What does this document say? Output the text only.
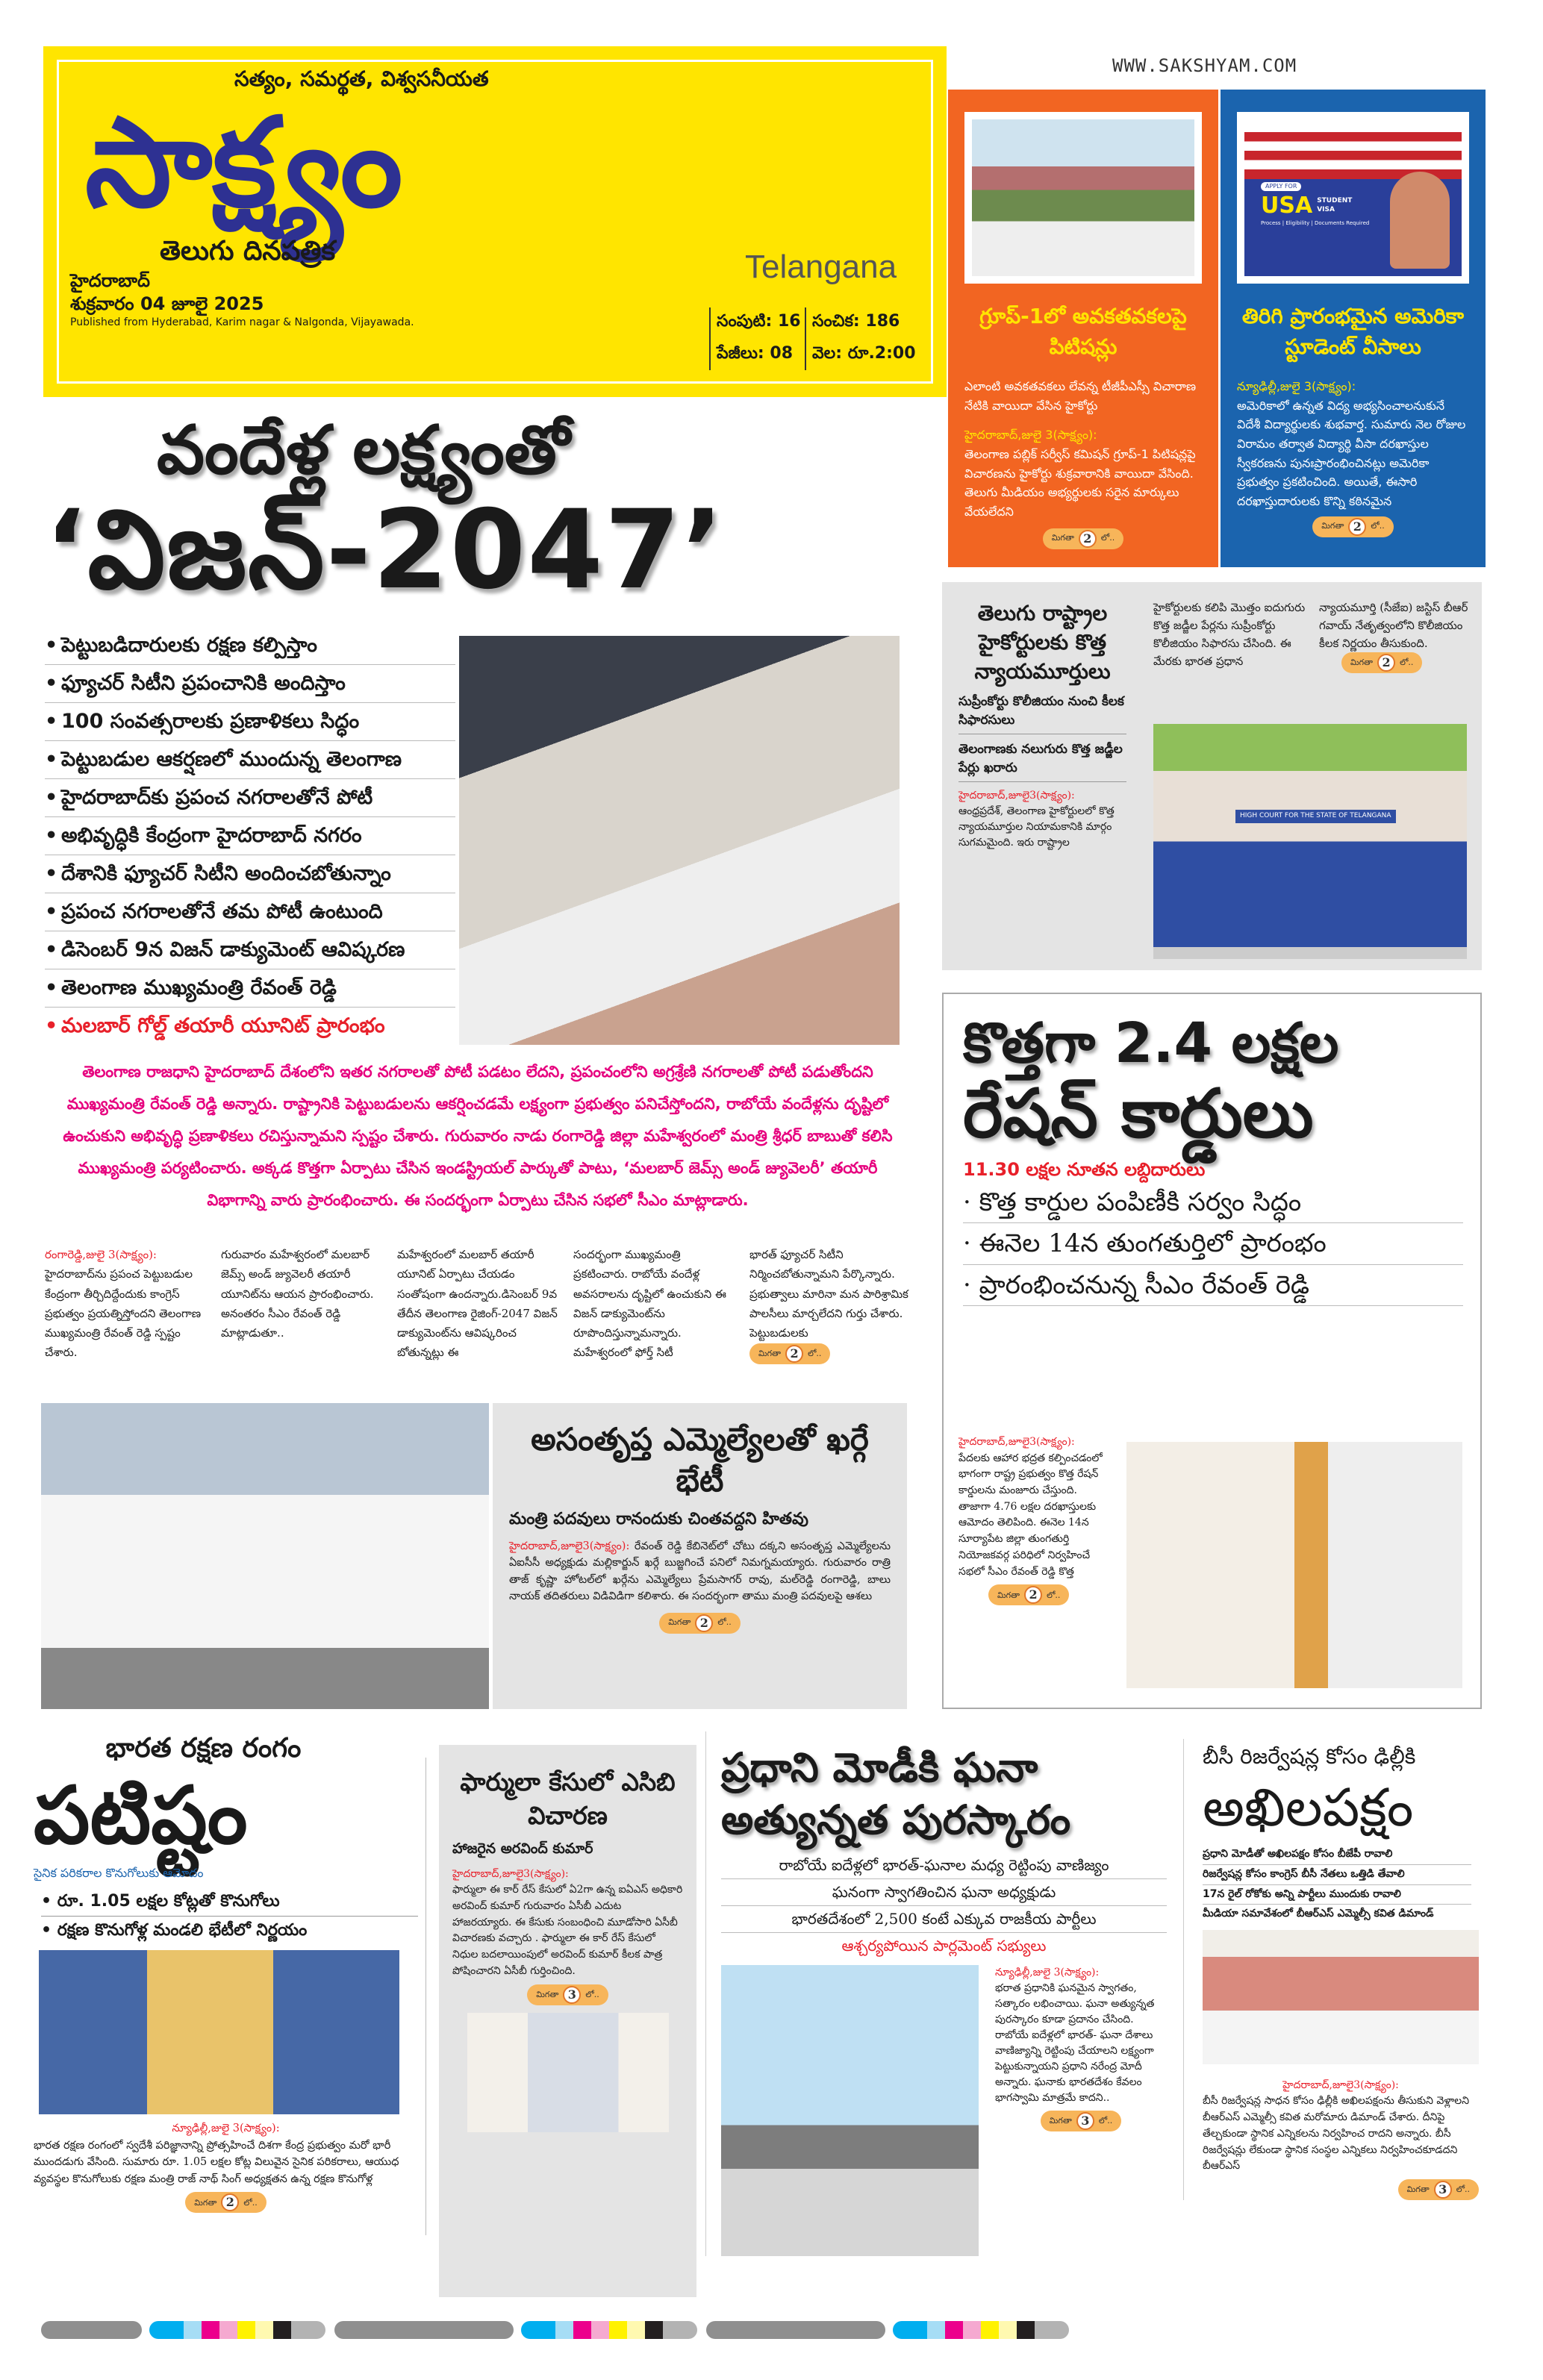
సత్యం, సమర్థత, విశ్వసనీయత
సాక్ష్యం
తెలుగు దినపత్రిక
హైదరాబాద్
శుక్రవారం 04 జూలై 2025
Published from Hyderabad, Karim nagar & Nalgonda, Vijayawada.
Telangana
సంపుటి: 16 సంచిక: 186
పేజీలు: 08 వెల: రూ.2:00
WWW.SAKSHYAM.COM
గ్రూప్-1లో అవకతవకలపై పిటిషన్లు

ఎలాంటి అవకతవకలు లేవన్న టీజీపీఎస్సీ విచారాణ నేటికి వాయిదా వేసిన హైకోర్టు

హైదరాబాద్,జులై 3(సాక్ష్యం):

తెలంగాణ పబ్లిక్ సర్వీస్ కమిషన్ గ్రూప్-1 పిటిషన్లపై విచారణను హైకోర్టు శుక్రవారానికి వాయిదా వేసింది. తెలుగు మీడియం అభ్యర్థులకు సరైన మార్కులు వేయలేదని

మిగతా 2	లో..
APPLY FOR
USA STUDENT VISA
Process | Eligibility | Documents Required
తిరిగి ప్రారంభమైన అమెరికా స్టూడెంట్ వీసాలు

న్యూఢిల్లీ,జులై 3(సాక్ష్యం):

అమెరికాలో ఉన్నత విద్య అభ్యసించాలనుకునే విదేశీ విద్యార్థులకు శుభవార్త. సుమారు నెల రోజుల విరామం తర్వాత విద్యార్థి వీసా దరఖాస్తుల స్వీకరణను పునఃప్రారంభించినట్లు అమెరికా ప్రభుత్వం ప్రకటించింది. అయితే, ఈసారి దరఖాస్తుదారులకు కొన్ని కఠినమైన

మిగతా 2	లో..
వందేళ్ల లక్ష్యంతో
‘విజన్-2047’
• పెట్టుబడిదారులకు రక్షణ కల్పిస్తాం
• ఫ్యూచర్ సిటీని ప్రపంచానికి అందిస్తాం
• 100 సంవత్సరాలకు ప్రణాళికలు సిద్ధం
• పెట్టుబడుల ఆకర్షణలో ముందున్న తెలంగాణ
• హైదరాబాద్‌కు ప్రపంచ నగరాలతోనే పోటీ
• అభివృద్ధికి కేంద్రంగా హైదరాబాద్ నగరం
• దేశానికి ఫ్యూచర్ సిటీని అందించబోతున్నాం
• ప్రపంచ నగరాలతోనే తమ పోటీ ఉంటుంది
• డిసెంబర్ 9న విజన్ డాక్యుమెంట్ ఆవిష్కరణ
• తెలంగాణ ముఖ్యమంత్రి రేవంత్ రెడ్డి
• మలబార్ గోల్డ్ తయారీ యూనిట్ ప్రారంభం

తెలంగాణ రాజధాని హైదరాబాద్ దేశంలోని ఇతర నగరాలతో పోటీ పడటం లేదని, ప్రపంచంలోని అగ్రశ్రేణి నగరాలతో పోటీ పడుతోందని ముఖ్యమంత్రి రేవంత్ రెడ్డి అన్నారు. రాష్ట్రానికి పెట్టుబడులను ఆకర్షించడమే లక్ష్యంగా ప్రభుత్వం పనిచేస్తోందని, రాబోయే వందేళ్లను దృష్టిలో ఉంచుకుని అభివృద్ధి ప్రణాళికలు రచిస్తున్నామని స్పష్టం చేశారు. గురువారం నాడు రంగారెడ్డి జిల్లా మహేశ్వరంలో మంత్రి శ్రీధర్ బాబుతో కలిసి ముఖ్యమంత్రి పర్యటించారు. అక్కడ కొత్తగా ఏర్పాటు చేసిన ఇండస్ట్రియల్ పార్కుతో పాటు, ‘మలబార్ జెమ్స్ అండ్ జ్యువెలరీ’ తయారీ విభాగాన్ని వారు ప్రారంభించారు. ఈ సందర్భంగా ఏర్పాటు చేసిన సభలో సీఎం మాట్లాడారు.

రంగారెడ్డి,జులై 3(సాక్ష్యం):
హైదరాబాద్‌ను ప్రపంచ పెట్టుబడుల కేంద్రంగా తీర్చిదిద్దేందుకు కాంగ్రెస్ ప్రభుత్వం ప్రయత్నిస్తోందని తెలంగాణ ముఖ్యమంత్రి రేవంత్ రెడ్డి స్పష్టం చేశారు.
గురువారం మహేశ్వరంలో మలబార్ జెమ్స్ అండ్ జ్యువెలరీ తయారీ యూనిట్‌ను ఆయన ప్రారంభించారు. అనంతరం సీఎం రేవంత్ రెడ్డి మాట్లాడుతూ..
మహేశ్వరంలో మలబార్ తయారీ యూనిట్ ఏర్పాటు చేయడం సంతోషంగా ఉందన్నారు.డిసెంబర్ 9వ తేదీన తెలంగాణ రైజింగ్-2047 విజన్ డాక్యుమెంట్‌ను ఆవిష్కరించ బోతున్నట్లు ఈ
సందర్భంగా ముఖ్యమంత్రి ప్రకటించారు. రాబోయే వందేళ్ల అవసరాలను దృష్టిలో ఉంచుకుని ఈ విజన్ డాక్యుమెంట్‌ను రూపొందిస్తున్నామన్నారు. మహేశ్వరంలో ఫోర్త్ సిటీ
భారత్ ఫ్యూచర్ సిటీని నిర్మించబోతున్నామని పేర్కొన్నారు. ప్రభుత్వాలు మారినా మన పారిశ్రామిక పాలసీలు మార్చలేదని గుర్తు చేశారు. పెట్టుబడులకు

మిగతా 2	లో..
తెలుగు రాష్ట్రాల హైకోర్టులకు కొత్త న్యాయమూర్తులు
సుప్రీంకోర్టు కొలీజియం నుంచి కీలక సిఫారసులు
తెలంగాణకు నలుగురు కొత్త జడ్జీల పేర్లు ఖరారు
హైదరాబాద్,జూలై3(సాక్ష్యం):
ఆంధ్రప్రదేశ్, తెలంగాణ హైకోర్టులలో కొత్త న్యాయమూర్తుల నియామకానికి మార్గం సుగమమైంది. ఇరు రాష్ట్రాల
హైకోర్టులకు కలిపి మొత్తం ఐదుగురు కొత్త జడ్జీల పేర్లను సుప్రీంకోర్టు కొలీజియం సిఫారసు చేసింది. ఈ మేరకు భారత ప్రధాన
న్యాయమూర్తి (సీజేఐ) జస్టిస్ బీఆర్ గవాయ్ నేతృత్వంలోని కొలీజియం కీలక నిర్ణయం తీసుకుంది.

మిగతా 2	లో..
HIGH COURT FOR THE STATE OF TELANGANA
కొత్తగా 2.4 లక్షల
రేషన్ కార్డులు
11.30 లక్షల నూతన లబ్దిదారులు
· కొత్త కార్డుల పంపిణీకి సర్వం సిద్ధం
· ఈనెల 14న తుంగతుర్తిలో ప్రారంభం
· ప్రారంభించనున్న సీఎం రేవంత్ రెడ్డి
హైదరాబాద్,జూలై3(సాక్ష్యం):
పేదలకు ఆహార భద్రత కల్పించడంలో భాగంగా రాష్ట్ర ప్రభుత్వం కొత్త రేషన్ కార్డులను మంజూరు చేస్తుంది. తాజాగా 4.76 లక్షల దరఖాస్తులకు ఆమోదం తెలిపింది. ఈనెల 14న సూర్యాపేట జిల్లా తుంగతుర్తి నియోజకవర్గ పరిధిలో నిర్వహించే సభలో సీఎం రేవంత్ రెడ్డి కొత్త

మిగతా 2	లో..
అసంతృప్త ఎమ్మెల్యేలతో ఖర్గే భేటీ
మంత్రి పదవులు రానందుకు చింతవద్దని హితవు
హైదరాబాద్,జూలై3(సాక్ష్యం): రేవంత్ రెడ్డి కేబినెట్‌లో చోటు దక్కని అసంతృప్త ఎమ్మెల్యేలను ఏఐసీసీ అధ్యక్షుడు మల్లికార్జున్ ఖర్గే బుజ్జగించే పనిలో నిమగ్నమయ్యారు. గురువారం రాత్రి తాజ్ కృష్ణా హోటల్‌లో ఖర్గేను ఎమ్మెల్యేలు ప్రేమసాగర్ రావు, మల్‌రెడ్డి రంగారెడ్డి, బాలు నాయక్ తదితరులు విడివిడిగా కలిశారు. ఈ సందర్భంగా తాము మంత్రి పదవులపై ఆశలు
మిగతా 2	లో..
భారత రక్షణ రంగం
పటిష్టం
సైనిక పరికరాల కొనుగోలుకు ఆమోదం
• రూ. 1.05 లక్షల కోట్లతో కొనుగోలు
• రక్షణ కొనుగోళ్ల మండలి భేటీలో నిర్ణయం
న్యూఢిల్లీ,జులై 3(సాక్ష్యం):
భారత రక్షణ రంగంలో స్వదేశీ పరిజ్ఞానాన్ని ప్రోత్సహించే దిశగా కేంద్ర ప్రభుత్వం మరో భారీ ముందడుగు వేసింది. సుమారు రూ. 1.05 లక్షల కోట్ల విలువైన సైనిక పరికరాలు, ఆయుధ వ్యవస్థల కొనుగోలుకు రక్షణ మంత్రి రాజ్ నాథ్ సింగ్ అధ్యక్షతన ఉన్న రక్షణ కొనుగోళ్ల
మిగతా 2	లో..
ఫార్ములా కేసులో ఎసిబి విచారణ
హాజరైన అరవింద్ కుమార్
హైదరాబాద్,జూలై3(సాక్ష్యం):
ఫార్ములా ఈ కార్ రేస్ కేసులో ఏ2గా ఉన్న ఐఏఎస్ అధికారి అరవింద్ కుమార్ గురువారం ఏసీబీ ఎదుట హాజరయ్యారు. ఈ కేసుకు సంబంధించి మూడోసారి ఏసీబీ విచారణకు వచ్చారు . ఫార్ములా ఈ కార్ రేస్ కేసులో నిధుల బదలాయింపులో అరవింద్ కుమార్ కీలక పాత్ర పోషించారని ఏసీబీ గుర్తించింది.
మిగతా 3	లో..
ప్రధాని మోడీకి ఘనా అత్యున్నత పురస్కారం
రాబోయే ఐదేళ్లలో భారత్-ఘనాల మధ్య రెట్టింపు వాణిజ్యం
ఘనంగా స్వాగతించిన ఘనా అధ్యక్షుడు
భారతదేశంలో 2,500 కంటే ఎక్కువ రాజకీయ పార్టీలు
ఆశ్చర్యపోయిన పార్లమెంట్ సభ్యులు
న్యూఢిల్లీ,జులై 3(సాక్ష్యం):
భరాత ప్రధానికి ఘనమైన స్వాగతం, సత్కారం లభించాయి. ఘనా అత్యున్నత పురస్కారం కూడా ప్రదానం చేసింది. రాబోయే ఐదేళ్లలో భారత్- ఘనా దేశాలు వాణిజ్యాన్ని రెట్టింపు చేయాలని లక్ష్యంగా పెట్టుకున్నాయని ప్రధాని నరేంద్ర మోదీ అన్నారు. ఘనాకు భారతదేశం కేవలం భాగస్వామి మాత్రమే కాదని..
మిగతా 3	లో..
బీసీ రిజర్వేషన్ల కోసం ఢిల్లీకి
అఖిలపక్షం
ప్రధాని మోడీతో అఖిలపక్షం కోసం బీజేపీ రావాలి
రిజర్వేషన్ల కోసం కాంగ్రెస్ బీసీ నేతలు ఒత్తిడి తేవాలి
17న రైల్ రోకోకు అన్ని పార్టీలు ముందుకు రావాలి
మీడియా సమావేశంలో బీఆర్ఎస్ ఎమ్మెల్సీ కవిత డిమాండ్
హైదరాబాద్,జూలై3(సాక్ష్యం):
బీసీ రిజర్వేషన్ల సాధన కోసం ఢిల్లీకి అఖిలపక్షంను తీసుకుని వెళ్లాలని బీఆర్ఎస్ ఎమ్మెల్సీ కవిత మరోమారు డిమాండ్ చేశారు. దీనిపై తేల్చకుండా స్థానిక ఎన్నికలను నిర్వహించ రాదని అన్నారు. బీసీ రిజర్వేషన్లు లేకుండా స్థానిక సంస్థల ఎన్నికలు నిర్వహించకూడదని బీఆర్ఎస్
మిగతా 3	లో..
